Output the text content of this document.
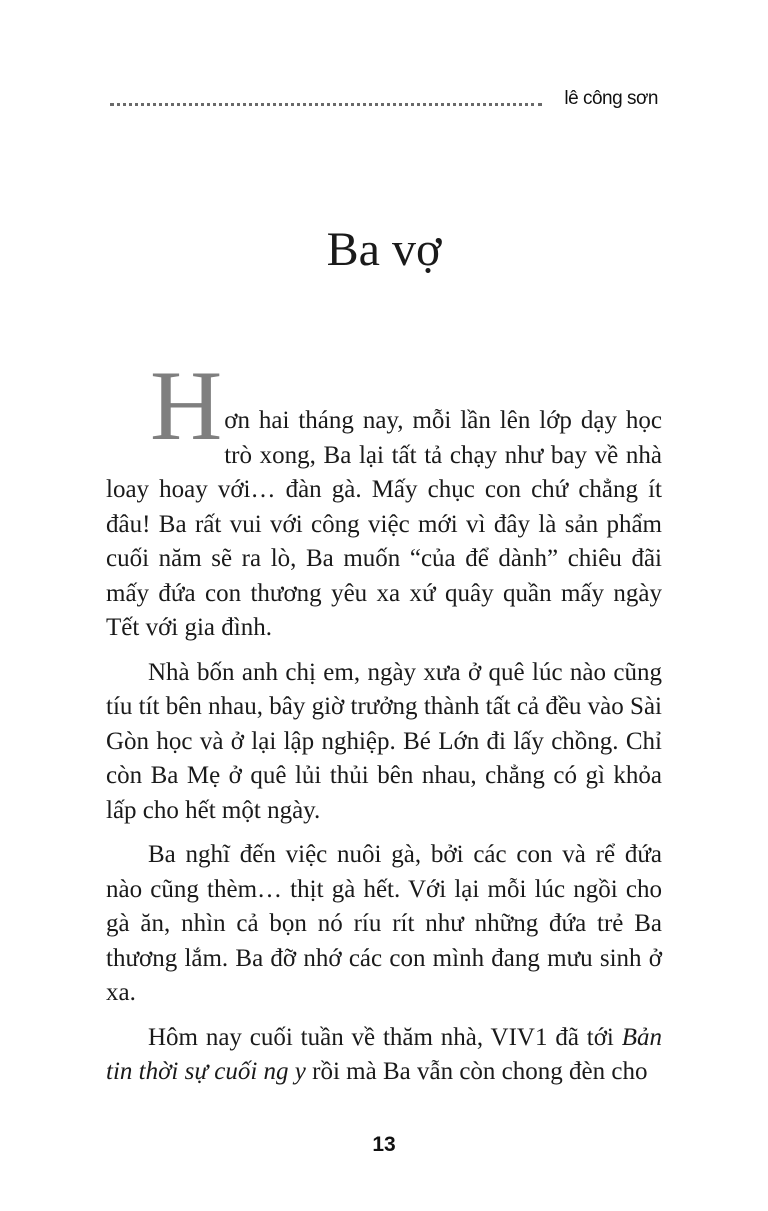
lê công sơn
Ba vợ

Hơn hai tháng nay, mỗi lần lên lớp dạy học trò xong, Ba lại tất tả chạy như bay về nhà loay hoay với… đàn gà. Mấy chục con chứ chẳng ít đâu! Ba rất vui với công việc mới vì đây là sản phẩm cuối năm sẽ ra lò, Ba muốn “của để dành” chiêu đãi mấy đứa con thương yêu xa xứ quây quần mấy ngày Tết với gia đình.

Nhà bốn anh chị em, ngày xưa ở quê lúc nào cũng tíu tít bên nhau, bây giờ trưởng thành tất cả đều vào Sài Gòn học và ở lại lập nghiệp. Bé Lớn đi lấy chồng. Chỉ còn Ba Mẹ ở quê lủi thủi bên nhau, chẳng có gì khỏa lấp cho hết một ngày.

Ba nghĩ đến việc nuôi gà, bởi các con và rể đứa nào cũng thèm… thịt gà hết. Với lại mỗi lúc ngồi cho gà ăn, nhìn cả bọn nó ríu rít như những đứa trẻ Ba thương lắm. Ba đỡ nhớ các con mình đang mưu sinh ở xa.

Hôm nay cuối tuần về thăm nhà, VIV1 đã tới Bản tin thời sự cuối ng y rồi mà Ba vẫn còn chong đèn cho

13
